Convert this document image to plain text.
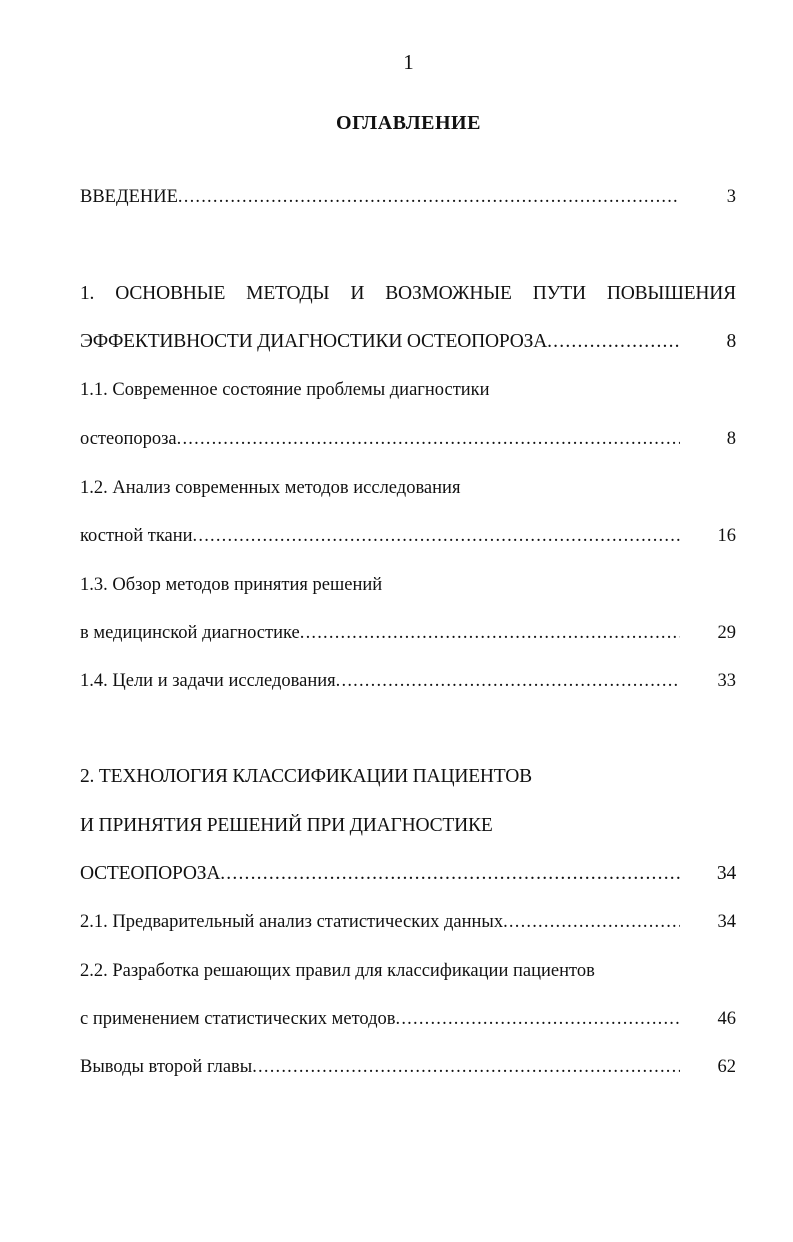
1
ОГЛАВЛЕНИЕ
ВВЕДЕНИЕ .....	3
1. ОСНОВНЫЕ МЕТОДЫ И ВОЗМОЖНЫЕ ПУТИ ПОВЫШЕНИЯ
ЭФФЕКТИВНОСТИ ДИАГНОСТИКИ ОСТЕОПОРОЗА .....	8
1.1. Современное состояние проблемы диагностики
остеопороза .....	8
1.2. Анализ современных методов исследования
костной ткани .....	16
1.3. Обзор методов принятия решений
в медицинской диагностике .....	29
1.4. Цели и задачи исследования .....	33
2. ТЕХНОЛОГИЯ КЛАССИФИКАЦИИ ПАЦИЕНТОВ
И ПРИНЯТИЯ РЕШЕНИЙ ПРИ ДИАГНОСТИКЕ
ОСТЕОПОРОЗА .....	34
2.1. Предварительный анализ статистических данных .....	34
2.2. Разработка решающих правил для классификации пациентов
с применением статистических методов .....	46
Выводы второй главы .....	62
